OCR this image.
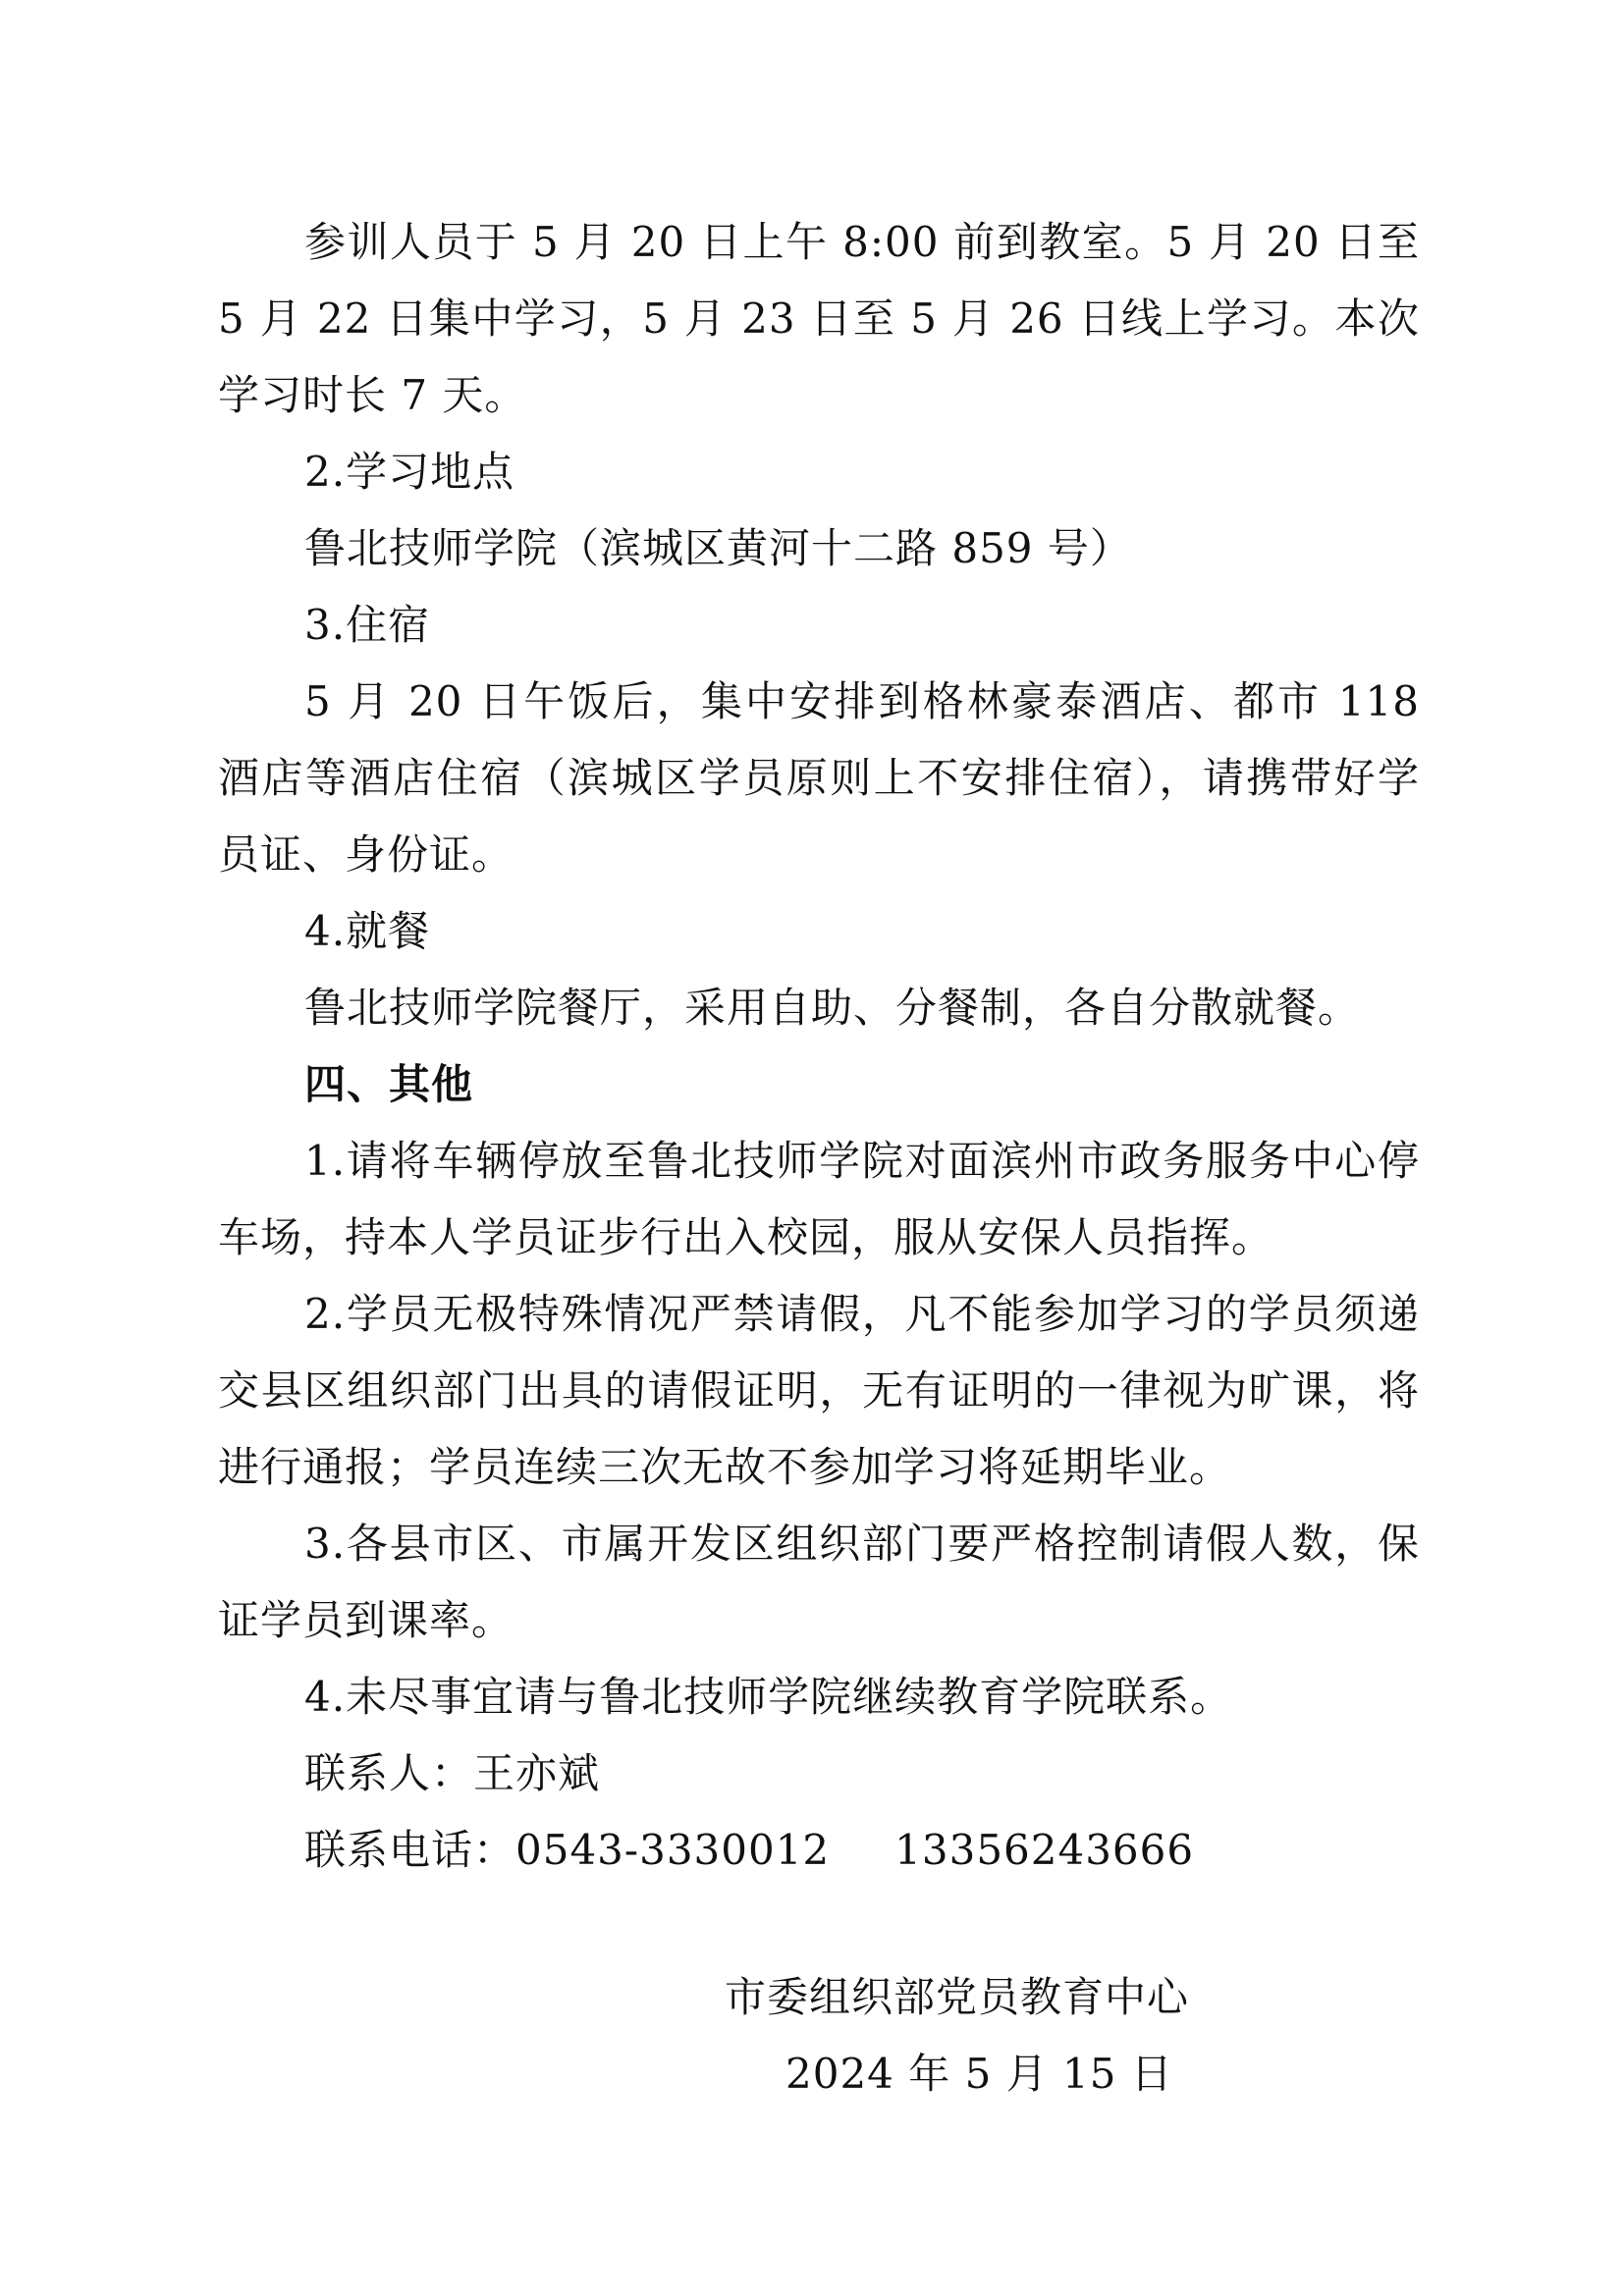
参训人员于 5 月 20 日上午 8:00 前到教室。5 月 20 日至 5 月 22 日集中学习，5 月 23 日至 5 月 26 日线上学习。本次学习时长 7 天。

2.学习地点

鲁北技师学院（滨城区黄河十二路 859 号）

3.住宿

5 月 20 日午饭后，集中安排到格林豪泰酒店、都市 118 酒店等酒店住宿（滨城区学员原则上不安排住宿），请携带好学员证、身份证。

4.就餐

鲁北技师学院餐厅，采用自助、分餐制，各自分散就餐。

四、其他

1.请将车辆停放至鲁北技师学院对面滨州市政务服务中心停车场，持本人学员证步行出入校园，服从安保人员指挥。

2.学员无极特殊情况严禁请假，凡不能参加学习的学员须递交县区组织部门出具的请假证明，无有证明的一律视为旷课，将进行通报；学员连续三次无故不参加学习将延期毕业。

3.各县市区、市属开发区组织部门要严格控制请假人数，保证学员到课率。

4.未尽事宜请与鲁北技师学院继续教育学院联系。

联系人：王亦斌

联系电话：0543-3330012 13356243666

市委组织部党员教育中心

2024 年 5 月 15 日
